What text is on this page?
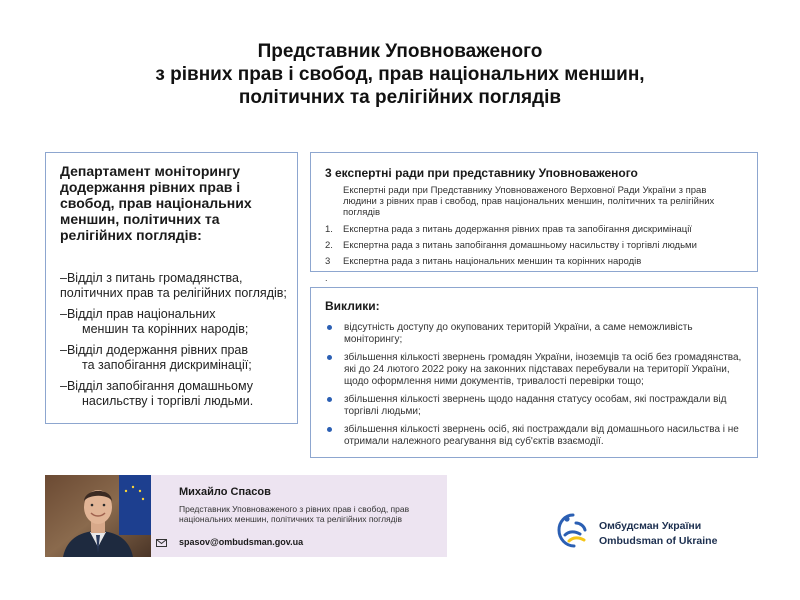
Представник Уповноваженого
з рівних прав і свобод, прав національних меншин,
політичних та релігійних поглядів
Департамент моніторингу додержання рівних прав і свобод, прав національних меншин, політичних та релігійних поглядів:
–Відділ з питань громадянства,
політичних прав та релігійних поглядів;
–Відділ прав національних
меншин та корінних народів;
–Відділ додержання рівних прав
та запобігання дискримінації;
–Відділ запобігання домашньому
насильству і торгівлі людьми.
3 експертні ради при представнику Уповноваженого
Експертні ради при Представнику Уповноваженого Верховної Ради України з прав людини з рівних прав і свобод, прав національних меншин, політичних та релігійних поглядів
1.	Експертна рада з питань додержання рівних прав та запобігання дискримінації
2.	Експертна рада з питань запобігання домашньому насильству і торгівлі людьми
3	Експертна рада з питань національних меншин та корінних народів
.
Виклики:
відсутність доступу до окупованих територій України, а саме неможливість моніторингу;
збільшення кількості звернень громадян України, іноземців та осіб без громадянства, які до 24 лютого 2022 року на законних підставах перебували на території України, щодо оформлення ними документів, тривалості перевірки тощо;
збільшення кількості звернень щодо надання статусу особам, які постраждали від торгівлі людьми;
збільшення кількості звернень осіб, які постраждали від домашнього насильства і не отримали належного реагування від суб'єктів взаємодії.
Михайло Спасов
Представник Уповноваженого з рівних прав і свобод, прав національних меншин, політичних та релігійних поглядів
spasov@ombudsman.gov.ua
Омбудсман України
Ombudsman of Ukraine
